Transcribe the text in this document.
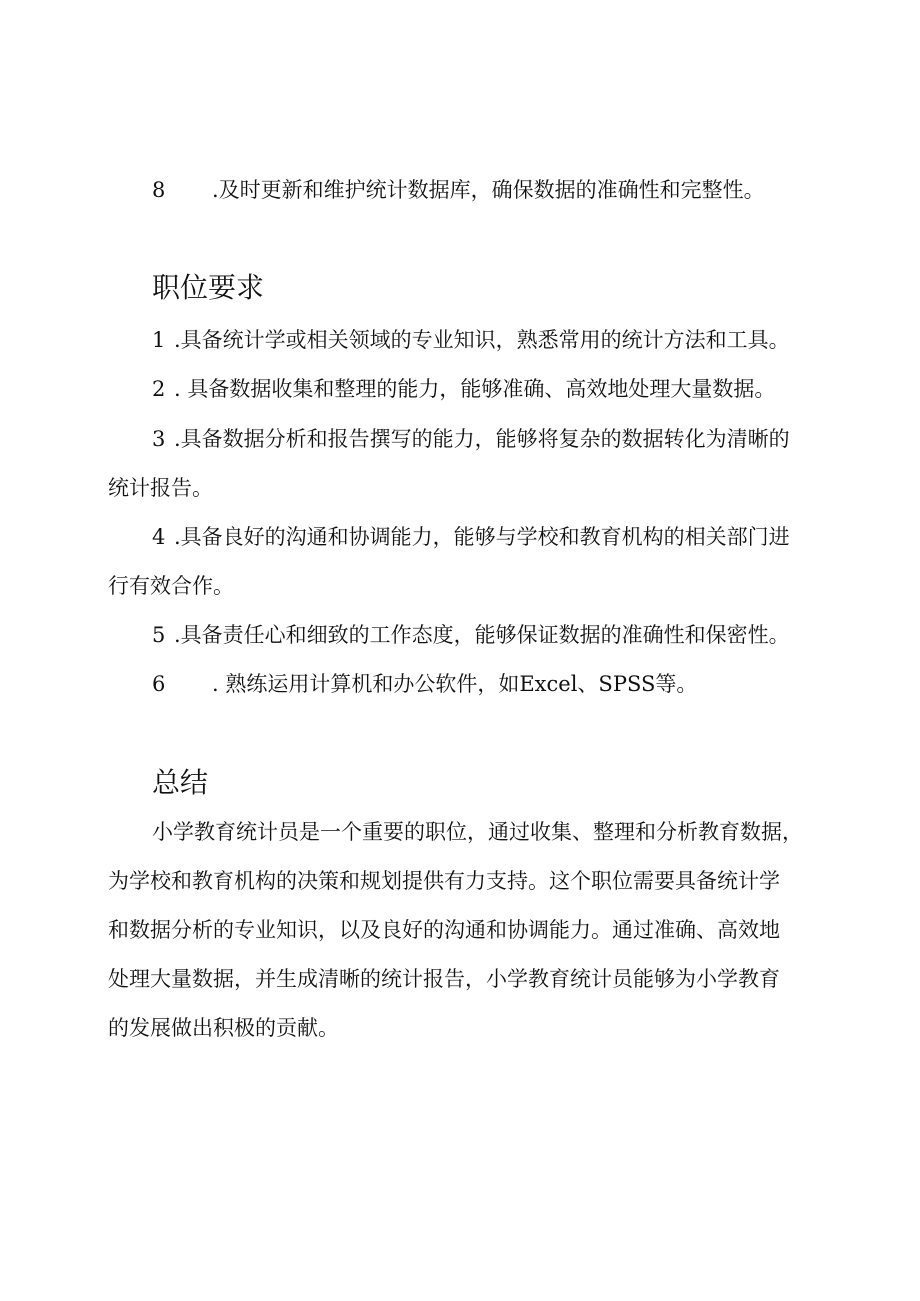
8 .及时更新和维护统计数据库，确保数据的准确性和完整性。
职位要求
1 .具备统计学或相关领域的专业知识，熟悉常用的统计方法和工具。
2 . 具备数据收集和整理的能力，能够准确、高效地处理大量数据。
3 .具备数据分析和报告撰写的能力，能够将复杂的数据转化为清晰的
统计报告。
4 .具备良好的沟通和协调能力，能够与学校和教育机构的相关部门进
行有效合作。
5 .具备责任心和细致的工作态度，能够保证数据的准确性和保密性。
6 . 熟练运用计算机和办公软件，如Excel、SPSS等。
总结
小学教育统计员是一个重要的职位，通过收集、整理和分析教育数据，
为学校和教育机构的决策和规划提供有力支持。这个职位需要具备统计学
和数据分析的专业知识，以及良好的沟通和协调能力。通过准确、高效地
处理大量数据，并生成清晰的统计报告，小学教育统计员能够为小学教育
的发展做出积极的贡献。
